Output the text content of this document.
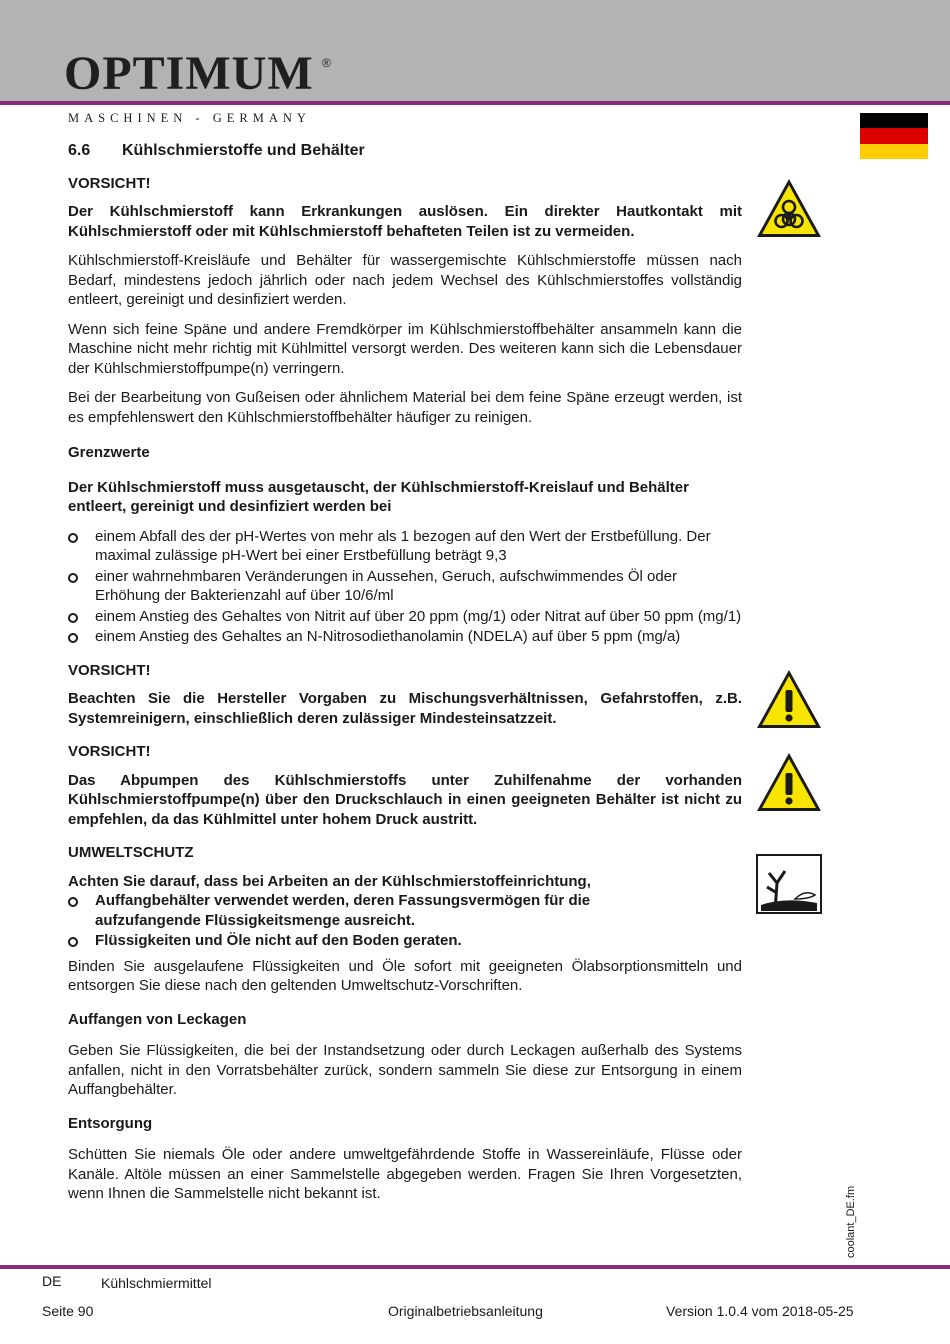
OPTIMUM ®
MASCHINEN - GERMANY
6.6 Kühlschmierstoffe und Behälter

VORSICHT!

Der Kühlschmierstoff kann Erkrankungen auslösen. Ein direkter Hautkontakt mit Kühlschmierstoff oder mit Kühlschmierstoff behafteten Teilen ist zu vermeiden.

Kühlschmierstoff-Kreisläufe und Behälter für wassergemischte Kühlschmierstoffe müssen nach Bedarf, mindestens jedoch jährlich oder nach jedem Wechsel des Kühlschmierstoffes vollständig entleert, gereinigt und desinfiziert werden.

Wenn sich feine Späne und andere Fremdkörper im Kühlschmierstoffbehälter ansammeln kann die Maschine nicht mehr richtig mit Kühlmittel versorgt werden. Des weiteren kann sich die Lebensdauer der Kühlschmierstoffpumpe(n) verringern.

Bei der Bearbeitung von Gußeisen oder ähnlichem Material bei dem feine Späne erzeugt werden, ist es empfehlenswert den Kühlschmierstoffbehälter häufiger zu reinigen.

Grenzwerte

Der Kühlschmierstoff muss ausgetauscht, der Kühlschmierstoff-Kreislauf und Behälter entleert, gereinigt und desinfiziert werden bei

einem Abfall des der pH-Wertes von mehr als 1 bezogen auf den Wert der Erstbefüllung. Der maximal zulässige pH-Wert bei einer Erstbefüllung beträgt 9,3
einer wahrnehmbaren Veränderungen in Aussehen, Geruch, aufschwimmendes Öl oder Erhöhung der Bakterienzahl auf über 10/6/ml
einem Anstieg des Gehaltes von Nitrit auf über 20 ppm (mg/1) oder Nitrat auf über 50 ppm (mg/1)
einem Anstieg des Gehaltes an N-Nitrosodiethanolamin (NDELA) auf über 5 ppm (mg/a)

VORSICHT!

Beachten Sie die Hersteller Vorgaben zu Mischungsverhältnissen, Gefahrstoffen, z.B. Systemreinigern, einschließlich deren zulässiger Mindesteinsatzzeit.

VORSICHT!

Das Abpumpen des Kühlschmierstoffs unter Zuhilfenahme der vorhanden Kühlschmierstoffpumpe(n) über den Druckschlauch in einen geeigneten Behälter ist nicht zu empfehlen, da das Kühlmittel unter hohem Druck austritt.

UMWELTSCHUTZ

Achten Sie darauf, dass bei Arbeiten an der Kühlschmierstoffeinrichtung,

Auffangbehälter verwendet werden, deren Fassungsvermögen für die aufzufangende Flüssigkeitsmenge ausreicht.
Flüssigkeiten und Öle nicht auf den Boden geraten.

Binden Sie ausgelaufene Flüssigkeiten und Öle sofort mit geeigneten Ölabsorptionsmitteln und entsorgen Sie diese nach den geltenden Umweltschutz-Vorschriften.

Auffangen von Leckagen

Geben Sie Flüssigkeiten, die bei der Instandsetzung oder durch Leckagen außerhalb des Systems anfallen, nicht in den Vorratsbehälter zurück, sondern sammeln Sie diese zur Entsorgung in einem Auffangbehälter.

Entsorgung

Schütten Sie niemals Öle oder andere umweltgefährdende Stoffe in Wassereinläufe, Flüsse oder Kanäle. Altöle müssen an einer Sammelstelle abgegeben werden. Fragen Sie Ihren Vorgesetzten, wenn Ihnen die Sammelstelle nicht bekannt ist.	coolant_DE.fm
DE	Kühlschmiermittel
Seite 90	Originalbetriebsanleitung	Version 1.0.4 vom 2018-05-25
